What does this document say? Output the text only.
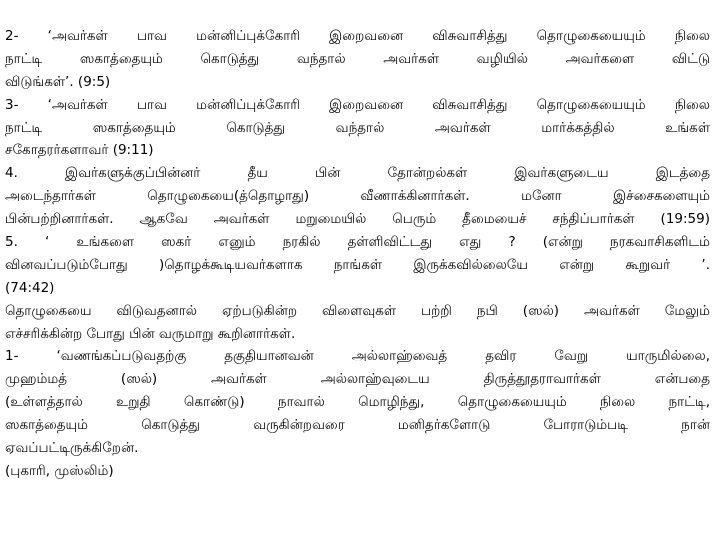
2- ‘அவர்கள் பாவ மன்னிப்புக்கோரி இறைவனை விசுவாசித்து தொழுகையையும் நிலை
நாட்டி ஸகாத்தையும் கொடுத்து வந்தால் அவர்கள் வழியில் அவர்களை விட்டு
விடுங்கள்’. (9:5)
3- ‘அவர்கள் பாவ மன்னிப்புக்கோரி இறைவனை விசுவாசித்து தொழுகையையும் நிலை
நாட்டி ஸகாத்தையும் கொடுத்து வந்தால் அவர்கள் மார்க்கத்தில் உங்கள்
சகோதரர்களாவர் (9:11)
4. இவர்களுக்குப்பின்னர் தீய பின் தோன்றல்கள் இவர்களுடைய இடத்தை
அடைந்தார்கள் தொழுகையை(த்தொழாது) வீணாக்கினார்கள். மனோ இச்சைகளையும்
பின்பற்றினார்கள். ஆகவே அவர்கள் மறுமையில் பெரும் தீமையைச் சந்திப்பார்கள் (19:59)
5. ‘ உங்களை ஸகர் எனும் நரகில் தள்ளிவிட்டது எது ? (என்று நரகவாசிகளிடம்
வினவப்படும்போது )தொழக்கூடியவர்களாக நாங்கள் இருக்கவில்லையே என்று கூறுவர் ’.
(74:42)
தொழுகையை விடுவதனால் ஏற்படுகின்ற விளைவுகள் பற்றி நபி (ஸல்) அவர்கள் மேலும்
எச்சரிக்கின்ற போது பின் வருமாறு கூறினார்கள்.
1- ‘வணங்கப்படுவதற்கு தகுதியானவன் அல்லாஹ்வைத் தவிர வேறு யாருமில்லை,
முஹம்மத் (ஸல்) அவர்கள் அல்லாஹ்வுடைய திருத்தூதராவார்கள் என்பதை
(உள்ளத்தால் உறுதி கொண்டு) நாவால் மொழிந்து, தொழுகையையும் நிலை நாட்டி,
ஸகாத்தையும் கொடுத்து வருகின்றவரை மனிதர்களோடு போராடும்படி நான்
ஏவப்பட்டிருக்கிறேன்.
(புகாரி, முஸ்லிம்)
